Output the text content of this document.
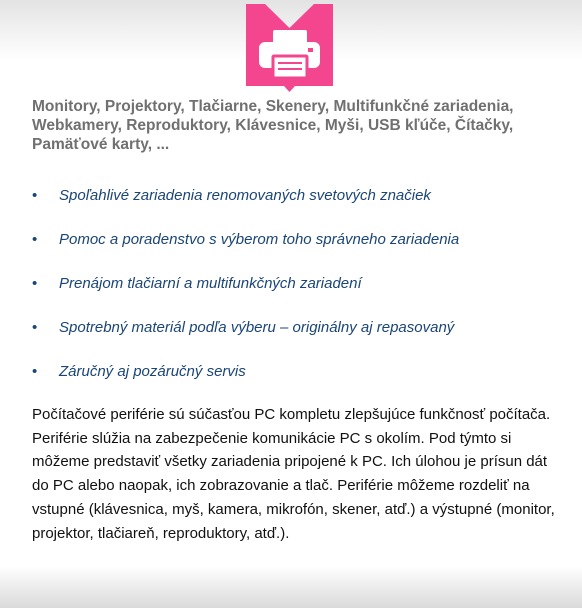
Monitory, Projektory, Tlačiarne, Skenery, Multifunkčné zariadenia, Webkamery, Reproduktory, Klávesnice, Myši, USB kľúče, Čítačky, Pamäťové karty, ...

• Spoľahlivé zariadenia renomovaných svetových značiek
• Pomoc a poradenstvo s výberom toho správneho zariadenia
• Prenájom tlačiarní a multifunkčných zariadení
• Spotrebný materiál podľa výberu – originálny aj repasovaný
• Záručný aj pozáručný servis

Počítačové periférie sú súčasťou PC kompletu zlepšujúce funkčnosť počítača. Periférie slúžia na zabezpečenie komunikácie PC s okolím. Pod týmto si môžeme predstaviť všetky zariadenia pripojené k PC. Ich úlohou je prísun dát do PC alebo naopak, ich zobrazovanie a tlač. Periférie môžeme rozdeliť na vstupné (klávesnica, myš, kamera, mikrofón, skener, atď.) a výstupné (monitor, projektor, tlačiareň, reproduktory, atď.).
